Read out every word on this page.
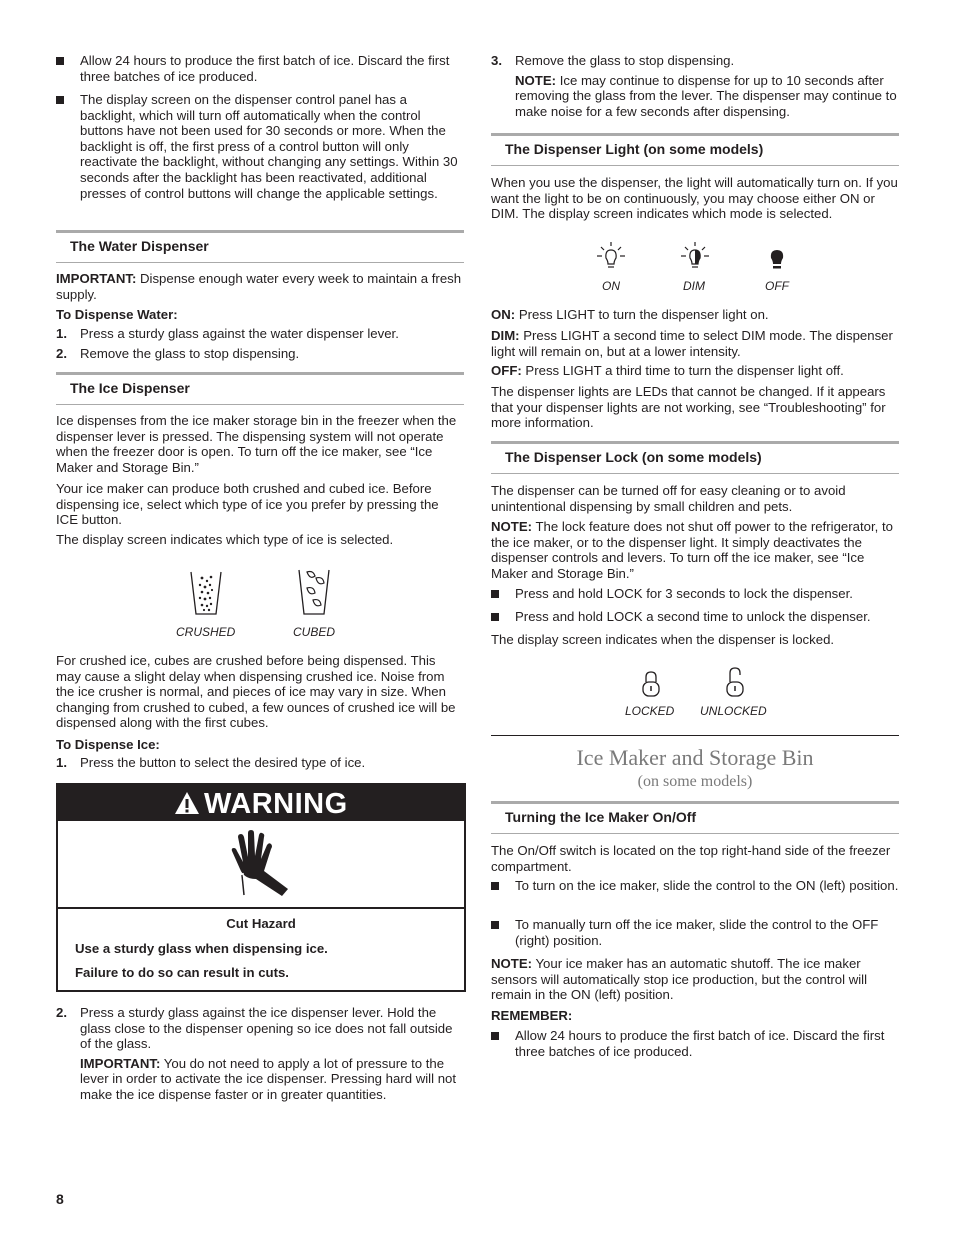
Allow 24 hours to produce the first batch of ice. Discard the first three batches of ice produced.

The display screen on the dispenser control panel has a backlight, which will turn off automatically when the control buttons have not been used for 30 seconds or more. When the backlight is off, the first press of a control button will only reactivate the backlight, without changing any settings. Within 30 seconds after the backlight has been reactivated, additional presses of control buttons will change the applicable settings.

The Water Dispenser

IMPORTANT: Dispense enough water every week to maintain a fresh supply.

To Dispense Water:

1. Press a sturdy glass against the water dispenser lever.

2. Remove the glass to stop dispensing.

The Ice Dispenser

Ice dispenses from the ice maker storage bin in the freezer when the dispenser lever is pressed. The dispensing system will not operate when the freezer door is open. To turn off the ice maker, see “Ice Maker and Storage Bin.”

Your ice maker can produce both crushed and cubed ice. Before dispensing ice, select which type of ice you prefer by pressing the ICE button.

The display screen indicates which type of ice is selected.

CRUSHED	CUBED

For crushed ice, cubes are crushed before being dispensed. This may cause a slight delay when dispensing crushed ice. Noise from the ice crusher is normal, and pieces of ice may vary in size. When changing from crushed to cubed, a few ounces of crushed ice will be dispensed along with the first cubes.

To Dispense Ice:

1. Press the button to select the desired type of ice.

WARNING

Cut Hazard

Use a sturdy glass when dispensing ice.

Failure to do so can result in cuts.

2. Press a sturdy glass against the ice dispenser lever. Hold the glass close to the dispenser opening so ice does not fall outside of the glass.

IMPORTANT: You do not need to apply a lot of pressure to the lever in order to activate the ice dispenser. Pressing hard will not make the ice dispense faster or in greater quantities.

3. Remove the glass to stop dispensing.

NOTE: Ice may continue to dispense for up to 10 seconds after removing the glass from the lever. The dispenser may continue to make noise for a few seconds after dispensing.

The Dispenser Light (on some models)

When you use the dispenser, the light will automatically turn on. If you want the light to be on continuously, you may choose either ON or DIM. The display screen indicates which mode is selected.

ON	DIM	OFF

ON: Press LIGHT to turn the dispenser light on.

DIM: Press LIGHT a second time to select DIM mode. The dispenser light will remain on, but at a lower intensity.

OFF: Press LIGHT a third time to turn the dispenser light off.

The dispenser lights are LEDs that cannot be changed. If it appears that your dispenser lights are not working, see “Troubleshooting” for more information.

The Dispenser Lock (on some models)

The dispenser can be turned off for easy cleaning or to avoid unintentional dispensing by small children and pets.

NOTE: The lock feature does not shut off power to the refrigerator, to the ice maker, or to the dispenser light. It simply deactivates the dispenser controls and levers. To turn off the ice maker, see “Ice Maker and Storage Bin.”

Press and hold LOCK for 3 seconds to lock the dispenser.

Press and hold LOCK a second time to unlock the dispenser.

The display screen indicates when the dispenser is locked.

LOCKED UNLOCKED

Ice Maker and Storage Bin

(on some models)

Turning the Ice Maker On/Off

The On/Off switch is located on the top right-hand side of the freezer compartment.

To turn on the ice maker, slide the control to the ON (left) position.

To manually turn off the ice maker, slide the control to the OFF (right) position.

NOTE: Your ice maker has an automatic shutoff. The ice maker sensors will automatically stop ice production, but the control will remain in the ON (left) position.

REMEMBER:

Allow 24 hours to produce the first batch of ice. Discard the first three batches of ice produced.

8
